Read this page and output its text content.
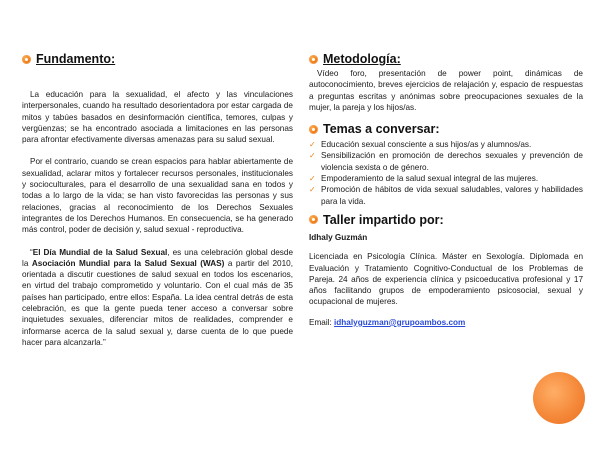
Fundamento:

La educación para la sexualidad, el afecto y las vinculaciones interpersonales, cuando ha resultado desorientadora por estar cargada de mitos y tabúes basados en desinformación científica, temores, culpas y vergüenzas; se ha encontrado asociada a limitaciones en las personas para afrontar efectivamente diversas amenazas para su salud sexual.

Por el contrario, cuando se crean espacios para hablar abiertamente de sexualidad, aclarar mitos y fortalecer recursos personales, institucionales y socioculturales, para el desarrollo de una sexualidad sana en todos y todas a lo largo de la vida; se han visto favorecidas las personas y sus relaciones, gracias al reconocimiento de los Derechos Sexuales integrantes de los Derechos Humanos. En consecuencia, se ha generado más control, poder de decisión y, salud sexual - reproductiva.

“El Día Mundial de la Salud Sexual, es una celebración global desde la Asociación Mundial para la Salud Sexual (WAS) a partir del 2010, orientada a discutir cuestiones de salud sexual en todos los escenarios, en virtud del trabajo comprometido y voluntario. Con el cual más de 35 países han participado, entre ellos: España. La idea central detrás de esta celebración, es que la gente pueda tener acceso a conversar sobre inquietudes sexuales, diferenciar mitos de realidades, comprender e informarse acerca de la salud sexual y, darse cuenta de lo que puede hacer para alcanzarla.”

Metodología:
Vídeo foro, presentación de power point, dinámicas de autoconocimiento, breves ejercicios de relajación y, espacio de respuestas a preguntas escritas y anónimas sobre preocupaciones sexuales de la mujer, la pareja y los hijos/as.
Temas a conversar:
✓ Educación sexual consciente a sus hijos/as y alumnos/as.
✓ Sensibilización en promoción de derechos sexuales y prevención de violencia sexista o de género.
✓ Empoderamiento de la salud sexual integral de las mujeres.
✓ Promoción de hábitos de vida sexual saludables, valores y habilidades para la vida.
Taller impartido por:
Idhaly Guzmán
Licenciada en Psicología Clínica. Máster en Sexología. Diplomada en Evaluación y Tratamiento Cognitivo-Conductual de los Problemas de Pareja. 24 años de experiencia clínica y psicoeducativa profesional y 17 años facilitando grupos de empoderamiento psicosocial, sexual y ocupacional de mujeres.
Email: idhalyguzman@grupoambos.com
